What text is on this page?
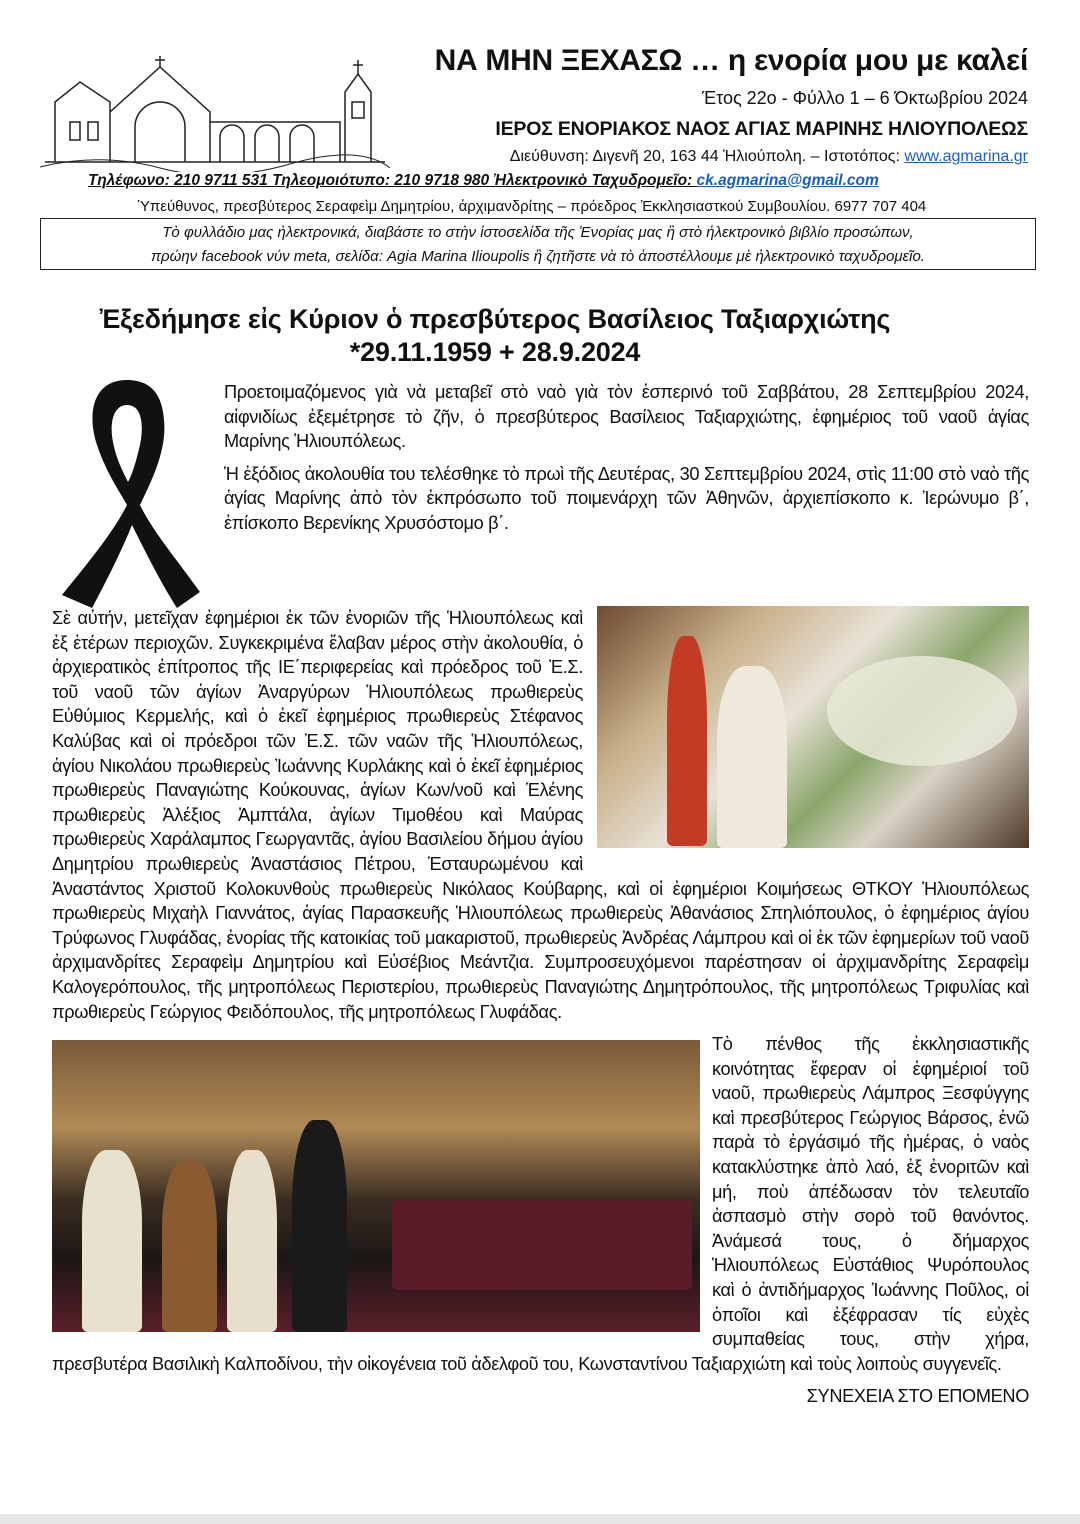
ΝΑ ΜΗΝ ΞΕΧΑΣΩ … η ενορία μου με καλεί
Έτος 22ο - Φύλλο 1 – 6 Όκτωβρίου 2024
ΙΕΡΟΣ ΕΝΟΡΙΑΚΟΣ ΝΑΟΣ ΑΓΙΑΣ ΜΑΡΙΝΗΣ ΗΛΙΟΥΠΟΛΕΩΣ
Διεύθυνση: Διγενῆ 20, 163 44 Ἡλιούπολη. – Ιστοτόπος: www.agmarina.gr
Τηλέφωνο: 210 9711 531 Τηλεομοιότυπο: 210 9718 980 Ἠλεκτρονικὸ Ταχυδρομεῖο: ck.agmarina@gmail.com
Ὑπεύθυνος, πρεσβύτερος Σεραφεὶμ Δημητρίου, ἀρχιμανδρίτης – πρόεδρος Ἐκκλησιαστκού Συμβουλίου. 6977 707 404
Τὸ φυλλάδιο μας ἠλεκτρονικά, διαβάστε το στὴν ἱστοσελίδα τῆς Ἐνορίας μας ἢ στὸ ἠλεκτρονικὸ βιβλίο προσώπων,
πρώην facebook νύν meta, σελίδα: Agia Marina Ilioupolis ἢ ζητῆστε νὰ τὸ ἀποστέλλουμε μὲ ἠλεκτρονικὸ ταχυδρομεῖο.
Ἐξεδήμησε εἰς Κύριον ὁ πρεσβύτερος Βασίλειος Ταξιαρχιώτης
*29.11.1959 + 28.9.2024

Προετοιμαζόμενος γιὰ νὰ μεταβεῖ στὸ ναὸ γιὰ τὸν ἑσπερινό τοῦ Σαββάτου, 28 Σεπτεμβρίου 2024, αἰφνιδίως ἐξεμέτρησε τὸ ζῆν, ὁ πρεσβύτερος Βασίλειος Ταξιαρχιώτης, ἐφημέριος τοῦ ναοῦ ἁγίας Μαρίνης Ἡλιουπόλεως.

Ἡ ἐξόδιος ἀκολουθία του τελέσθηκε τὸ πρωὶ τῆς Δευτέρας, 30 Σεπτεμβρίου 2024, στὶς 11:00 στὸ ναὸ τῆς ἁγίας Μαρίνης ἀπὸ τὸν ἐκπρόσωπο τοῦ ποιμενάρχη τῶν Ἀθηνῶν, ἀρχιεπίσκοπο κ. Ἰερώνυμο β΄, ἐπίσκοπο Βερενίκης Χρυσόστομο β΄.

Σὲ αὐτήν, μετεῖχαν ἐφημέριοι ἐκ τῶν ἐνοριῶν τῆς Ἡλιουπόλεως καὶ ἐξ ἑτέρων περιοχῶν. Συγκεκριμένα ἔλαβαν μέρος στὴν ἀκολουθία, ὁ ἀρχιερατικὸς ἐπίτροπος τῆς ΙΕ΄περιφερείας καὶ πρόεδρος τοῦ Ἐ.Σ. τοῦ ναοῦ τῶν ἁγίων Ἀναργύρων Ἡλιουπόλεως πρωθιερεὺς Εὐθύμιος Κερμελής, καὶ ὁ ἐκεῖ ἐφημέριος πρωθιερεὺς Στέφανος Καλύβας καὶ οἱ πρόεδροι τῶν Ἐ.Σ. τῶν ναῶν τῆς Ἡλιουπόλεως, ἁγίου Νικολάου πρωθιερεὺς Ἰωάννης Κυρλάκης καὶ ὁ ἐκεῖ ἐφημέριος πρωθιερεὺς Παναγιώτης Κούκουνας, ἁγίων Κων/νοῦ καὶ Ἑλένης πρωθιερεὺς Ἀλέξιος Ἀμπτάλα, ἁγίων Τιμοθέου καὶ Μαύρας πρωθιερεὺς Χαράλαμπος Γεωργαντᾶς, ἁγίου Βασιλείου δήμου ἁγίου Δημητρίου πρωθιερεὺς Ἀναστάσιος Πέτρου, Ἐσταυρωμένου καὶ Ἀναστάντος Χριστοῦ Κολοκυνθοὺς πρωθιερεὺς Νικόλαος Κούβαρης, καὶ οἱ ἐφημέριοι Κοιμήσεως ΘΤΚΟΥ Ἡλιουπόλεως πρωθιερεὺς Μιχαὴλ Γιαννάτος, ἁγίας Παρασκευῆς Ἡλιουπόλεως πρωθιερεὺς Ἀθανάσιος Σπηλιόπουλος, ὁ ἐφημέριος ἁγίου Τρύφωνος Γλυφάδας, ἐνορίας τῆς κατοικίας τοῦ μακαριστοῦ, πρωθιερεὺς Ἀνδρέας Λάμπρου καὶ οἱ ἐκ τῶν ἐφημερίων τοῦ ναοῦ ἀρχιμανδρίτες Σεραφεὶμ Δημητρίου καὶ Εὐσέβιος Μεάντζια. Συμπροσευχόμενοι παρέστησαν οἱ ἀρχιμανδρίτης Σεραφεὶμ Καλογερόπουλος, τῆς μητροπόλεως Περιστερίου, πρωθιερεὺς Παναγιώτης Δημητρόπουλος, τῆς μητροπόλεως Τριφυλίας καὶ πρωθιερεὺς Γεώργιος Φειδόπουλος, τῆς μητροπόλεως Γλυφάδας.

Τὸ πένθος τῆς ἐκκλησιαστικῆς κοινότητας ἔφεραν οἱ ἐφημέριοί τοῦ ναοῦ, πρωθιερεὺς Λάμπρος Ξεσφύγγης καὶ πρεσβύτερος Γεώργιος Βάρσος, ἐνῶ παρὰ τὸ ἐργάσιμό τῆς ἡμέρας, ὁ ναὸς κατακλύστηκε ἀπὸ λαό, ἐξ ἐνοριτῶν καὶ μή, ποὺ ἀπέδωσαν τὸν τελευταῖο ἀσπασμὸ στὴν σορὸ τοῦ θανόντος. Ἀνάμεσά τους, ὁ δήμαρχος Ἡλιουπόλεως Εὐστάθιος Ψυρόπουλος καὶ ὁ ἀντιδήμαρχος Ἰωάννης Ποῦλος, οἱ ὁποῖοι καὶ ἐξέφρασαν τίς εὐχὲς συμπαθείας τους, στὴν χήρα, πρεσβυτέρα Βασιλικὴ Καλποδίνου, τὴν οἰκογένεια τοῦ ἀδελφοῦ του, Κωνσταντίνου Ταξιαρχιώτη καὶ τοὺς λοιποὺς συγγενεῖς.

ΣΥΝΕΧΕΙΑ ΣΤΟ ΕΠΟΜΕΝΟ
